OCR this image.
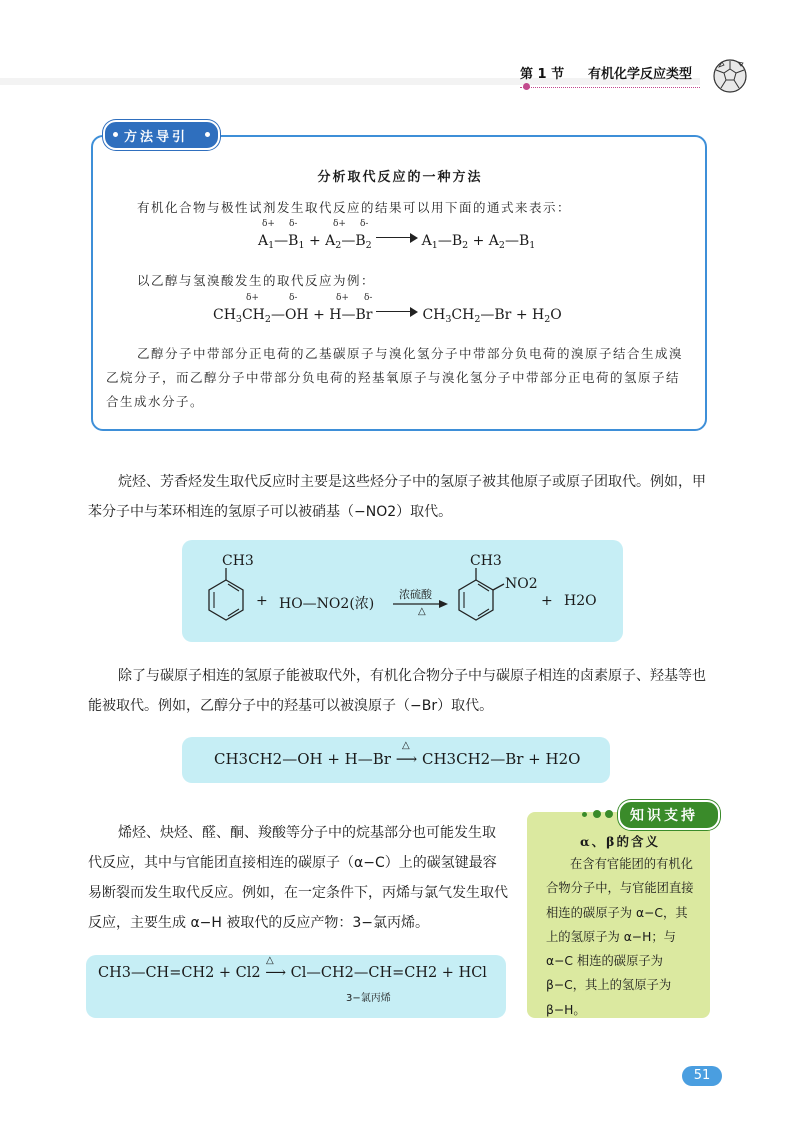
第 1 节 有机化学反应类型
方法导引
分析取代反应的一种方法
有机化合物与极性试剂发生取代反应的结果可以用下面的通式来表示：
δ+ δ-	δ+ δ-
$A_1—B_1$ + $A_2—B_2$	$A_1—B_2$ + $A_2—B_1$
以乙醇与氢溴酸发生的取代反应为例：
δ+	δ-	δ+ δ-
$CH_3CH_2—OH$ + H—Br	$CH_3CH_2—Br + H_2O$
乙醇分子中带部分正电荷的乙基碳原子与溴化氢分子中带部分负电荷的溴原子结合生成溴乙烷分子，而乙醇分子中带部分负电荷的羟基氧原子与溴化氢分子中带部分正电荷的氢原子结合生成水分子。
烷烃、芳香烃发生取代反应时主要是这些烃分子中的氢原子被其他原子或原子团取代。例如，甲苯分子中与苯环相连的氢原子可以被硝基（−NO2）取代。
CH3
+ HO—NO2(浓)
浓硫酸
△
CH3
NO2
+ H2O
除了与碳原子相连的氢原子能被取代外，有机化合物分子中与碳原子相连的卤素原子、羟基等也能被取代。例如，乙醇分子中的羟基可以被溴原子（−Br）取代。
CH3CH2—OH + H—Br ⟶ CH3CH2—Br + H2O
△
烯烃、炔烃、醛、酮、羧酸等分子中的烷基部分也可能发生取代反应，其中与官能团直接相连的碳原子（α−C）上的碳氢键最容易断裂而发生取代反应。例如，在一定条件下，丙烯与氯气发生取代反应，主要生成 α−H 被取代的反应产物：3−氯丙烯。
CH3—CH=CH2 + Cl2 ⟶ Cl—CH2—CH=CH2 + HCl
△
3−氯丙烯
知识支持
α、β的含义
在含有官能团的有机化合物分子中，与官能团直接相连的碳原子为 α−C，其上的氢原子为 α−H；与 α−C 相连的碳原子为 β−C，其上的氢原子为 β−H。
51
